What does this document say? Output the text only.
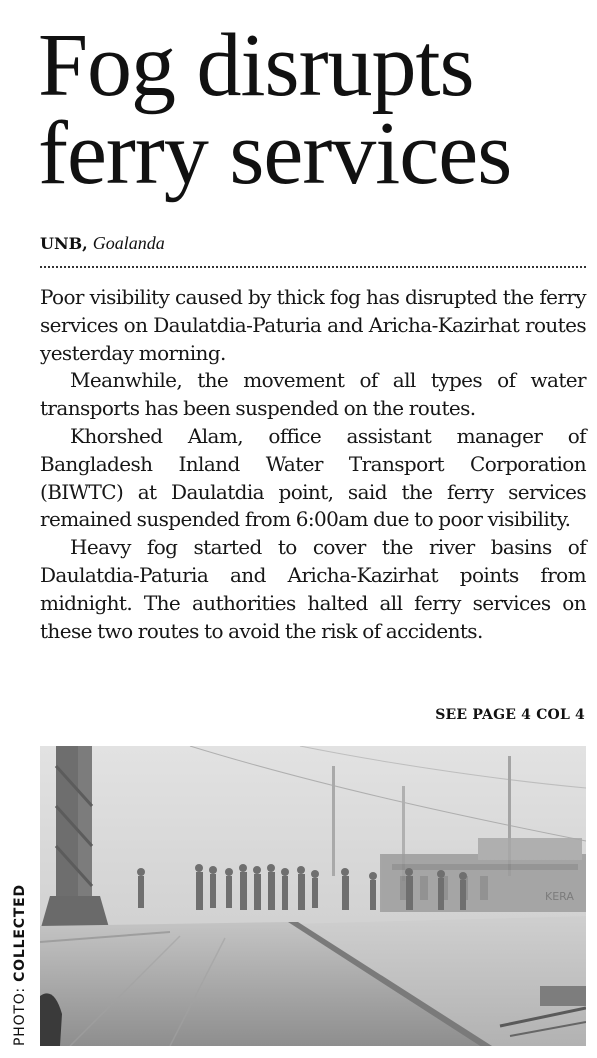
Fog disrupts
ferry services
UNB, Goalanda

Poor visibility caused by thick fog has disrupted the ferry services on Daulatdia-Paturia and Aricha-Kazirhat routes yesterday morning.

Meanwhile, the movement of all types of water transports has been suspended on the routes.

Khorshed Alam, office assistant manager of Bangladesh Inland Water Transport Corporation (BIWTC) at Daulatdia point, said the ferry services remained suspended from 6:00am due to poor visibility.

Heavy fog started to cover the river basins of Daulatdia-Paturia and Aricha-Kazirhat points from midnight. The authorities halted all ferry services on these two routes to avoid the risk of accidents.

SEE PAGE 4 COL 4
PHOTO: COLLECTED	KERA
